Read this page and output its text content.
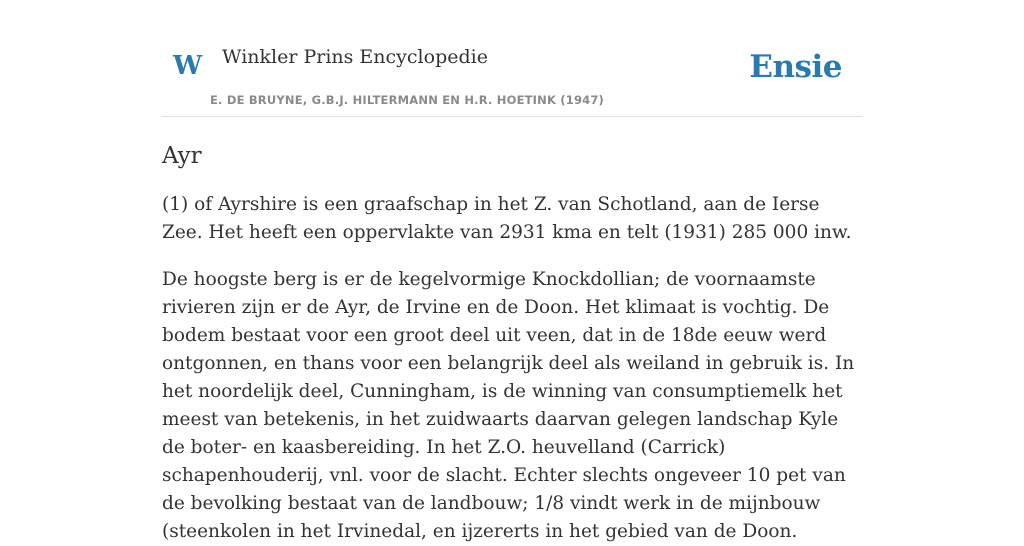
W Winkler Prins Encyclopedie
E. DE BRUYNE, G.B.J. HILTERMANN EN H.R. HOETINK (1947)
Ensie
Ayr

(1) of Ayrshire is een graafschap in het Z. van Schotland, aan de Ierse Zee. Het heeft een oppervlakte van 2931 kma en telt (1931) 285 000 inw.

De hoogste berg is er de kegelvormige Knockdollian; de voornaamste rivieren zijn er de Ayr, de Irvine en de Doon. Het klimaat is vochtig. De bodem bestaat voor een groot deel uit veen, dat in de 18de eeuw werd ontgonnen, en thans voor een belangrijk deel als weiland in gebruik is. In het noordelijk deel, Cunningham, is de winning van consumptiemelk het meest van betekenis, in het zuidwaarts daarvan gelegen landschap Kyle de boter- en kaasbereiding. In het Z.O. heuvelland (Carrick) schapenhouderij, vnl. voor de slacht. Echter slechts ongeveer 10 pet van de bevolking bestaat van de landbouw; 1/8 vindt werk in de mijnbouw (steenkolen in het Irvinedal, en ijzererts in het gebied van de Doon.
